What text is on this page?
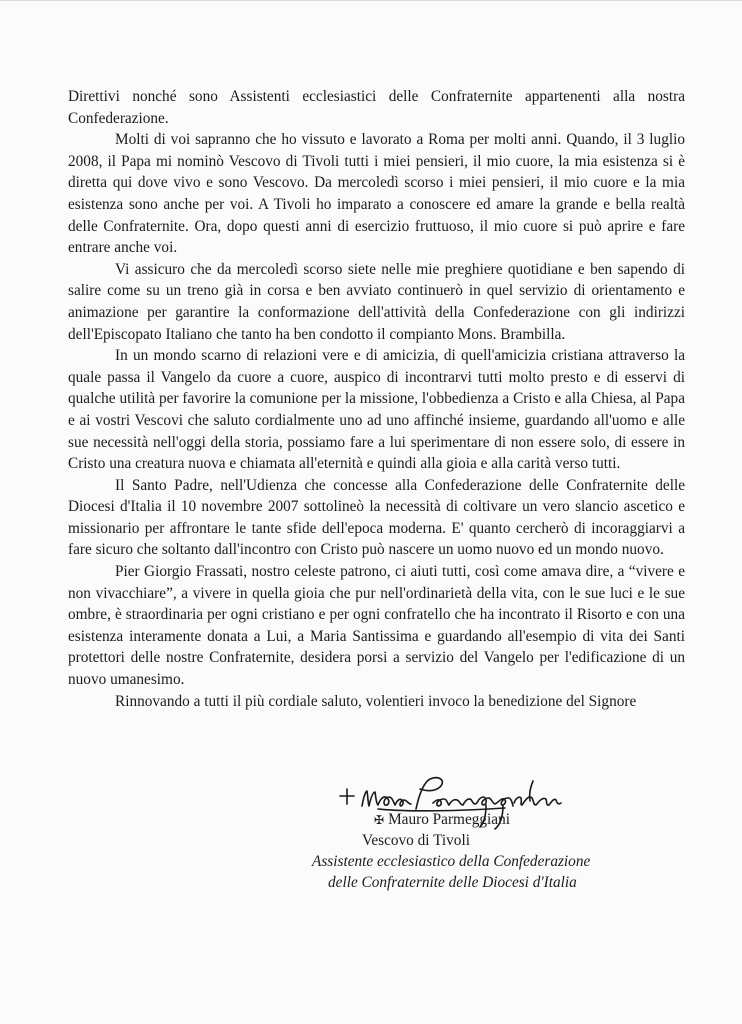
Direttivi nonché sono Assistenti ecclesiastici delle Confraternite appartenenti alla nostra Confederazione.

Molti di voi sapranno che ho vissuto e lavorato a Roma per molti anni. Quando, il 3 luglio 2008, il Papa mi nominò Vescovo di Tivoli tutti i miei pensieri, il mio cuore, la mia esistenza si è diretta qui dove vivo e sono Vescovo. Da mercoledì scorso i miei pensieri, il mio cuore e la mia esistenza sono anche per voi. A Tivoli ho imparato a conoscere ed amare la grande e bella realtà delle Confraternite. Ora, dopo questi anni di esercizio fruttuoso, il mio cuore si può aprire e fare entrare anche voi.

Vi assicuro che da mercoledì scorso siete nelle mie preghiere quotidiane e ben sapendo di salire come su un treno già in corsa e ben avviato continuerò in quel servizio di orientamento e animazione per garantire la conformazione dell'attività della Confederazione con gli indirizzi dell'Episcopato Italiano che tanto ha ben condotto il compianto Mons. Brambilla.

In un mondo scarno di relazioni vere e di amicizia, di quell'amicizia cristiana attraverso la quale passa il Vangelo da cuore a cuore, auspico di incontrarvi tutti molto presto e di esservi di qualche utilità per favorire la comunione per la missione, l'obbedienza a Cristo e alla Chiesa, al Papa e ai vostri Vescovi che saluto cordialmente uno ad uno affinché insieme, guardando all'uomo e alle sue necessità nell'oggi della storia, possiamo fare a lui sperimentare di non essere solo, di essere in Cristo una creatura nuova e chiamata all'eternità e quindi alla gioia e alla carità verso tutti.

Il Santo Padre, nell'Udienza che concesse alla Confederazione delle Confraternite delle Diocesi d'Italia il 10 novembre 2007 sottolineò la necessità di coltivare un vero slancio ascetico e missionario per affrontare le tante sfide dell'epoca moderna. E' quanto cercherò di incoraggiarvi a fare sicuro che soltanto dall'incontro con Cristo può nascere un uomo nuovo ed un mondo nuovo.

Pier Giorgio Frassati, nostro celeste patrono, ci aiuti tutti, così come amava dire, a “vivere e non vivacchiare”, a vivere in quella gioia che pur nell'ordinarietà della vita, con le sue luci e le sue ombre, è straordinaria per ogni cristiano e per ogni confratello che ha incontrato il Risorto e con una esistenza interamente donata a Lui, a Maria Santissima e guardando all'esempio di vita dei Santi protettori delle nostre Confraternite, desidera porsi a servizio del Vangelo per l'edificazione di un nuovo umanesimo.

Rinnovando a tutti il più cordiale saluto, volentieri invoco la benedizione del Signore

✠ Mauro Parmeggiani
Vescovo di Tivoli
Assistente ecclesiastico della Confederazione
delle Confraternite delle Diocesi d'Italia
